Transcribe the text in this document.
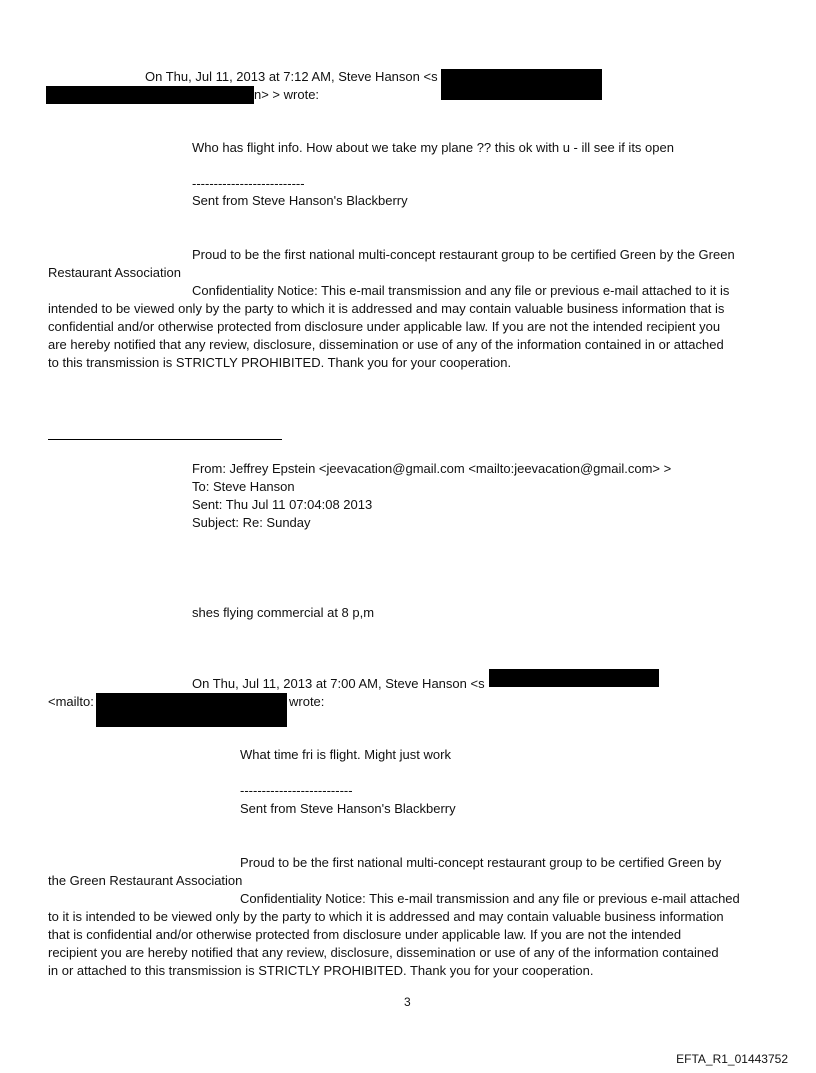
On Thu, Jul 11, 2013 at 7:12 AM, Steve Hanson <s
n> > wrote:
Who has flight info. How about we take my plane ?? this ok with u - ill see if its open
--------------------------
Sent from Steve Hanson's Blackberry
Proud to be the first national multi-concept restaurant group to be certified Green by the Green
Restaurant Association
Confidentiality Notice: This e-mail transmission and any file or previous e-mail attached to it is
intended to be viewed only by the party to which it is addressed and may contain valuable business information that is
confidential and/or otherwise protected from disclosure under applicable law. If you are not the intended recipient you
are hereby notified that any review, disclosure, dissemination or use of any of the information contained in or attached
to this transmission is STRICTLY PROHIBITED. Thank you for your cooperation.
From: Jeffrey Epstein <jeevacation@gmail.com <mailto:jeevacation@gmail.com> >
To: Steve Hanson
Sent: Thu Jul 11 07:04:08 2013
Subject: Re: Sunday
shes flying commercial at 8 p,m
On Thu, Jul 11, 2013 at 7:00 AM, Steve Hanson <s
<mailto:	wrote:
What time fri is flight. Might just work
--------------------------
Sent from Steve Hanson's Blackberry
Proud to be the first national multi-concept restaurant group to be certified Green by
the Green Restaurant Association
Confidentiality Notice: This e-mail transmission and any file or previous e-mail attached
to it is intended to be viewed only by the party to which it is addressed and may contain valuable business information
that is confidential and/or otherwise protected from disclosure under applicable law. If you are not the intended
recipient you are hereby notified that any review, disclosure, dissemination or use of any of the information contained
in or attached to this transmission is STRICTLY PROHIBITED. Thank you for your cooperation.
3
EFTA_R1_01443752
